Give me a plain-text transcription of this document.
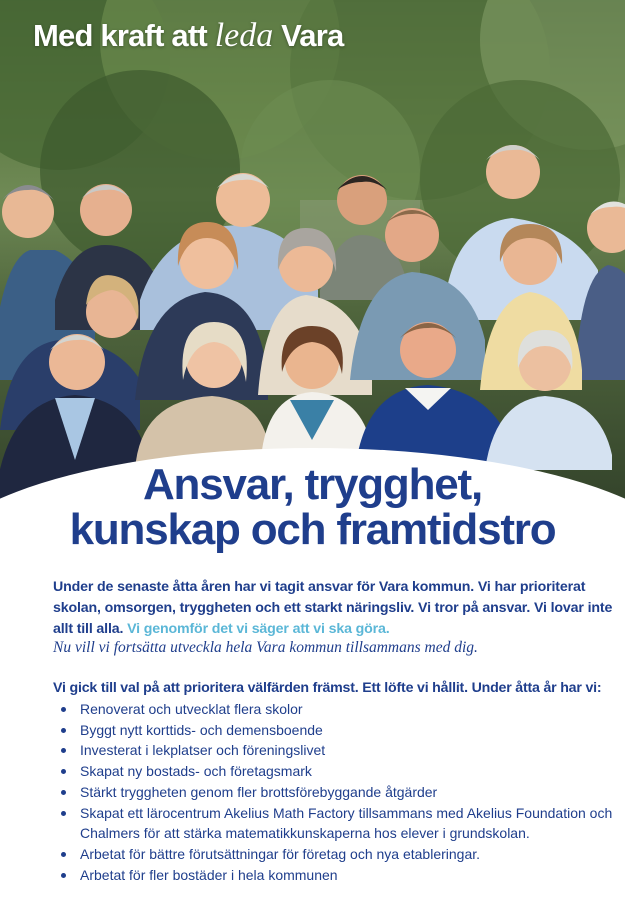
Med kraft att leda Vara
Ansvar, trygghet,
kunskap och framtidstro

Under de senaste åtta åren har vi tagit ansvar för Vara kommun. Vi har prioriterat skolan, omsorgen, tryggheten och ett starkt näringsliv. Vi tror på ansvar. Vi lovar inte allt till alla. Vi genomför det vi säger att vi ska göra.

Nu vill vi fortsätta utveckla hela Vara kommun tillsammans med dig.

Vi gick till val på att prioritera välfärden främst. Ett löfte vi hållit. Under åtta år har vi:

Renoverat och utvecklat flera skolor
Byggt nytt korttids- och demensboende
Investerat i lekplatser och föreningslivet
Skapat ny bostads- och företagsmark
Stärkt tryggheten genom fler brottsförebyggande åtgärder
Skapat ett lärocentrum Akelius Math Factory tillsammans med Akelius Foundation och Chalmers för att stärka matematikkunskaperna hos elever i grundskolan.
Arbetat för bättre förutsättningar för företag och nya etableringar.
Arbetat för fler bostäder i hela kommunen
